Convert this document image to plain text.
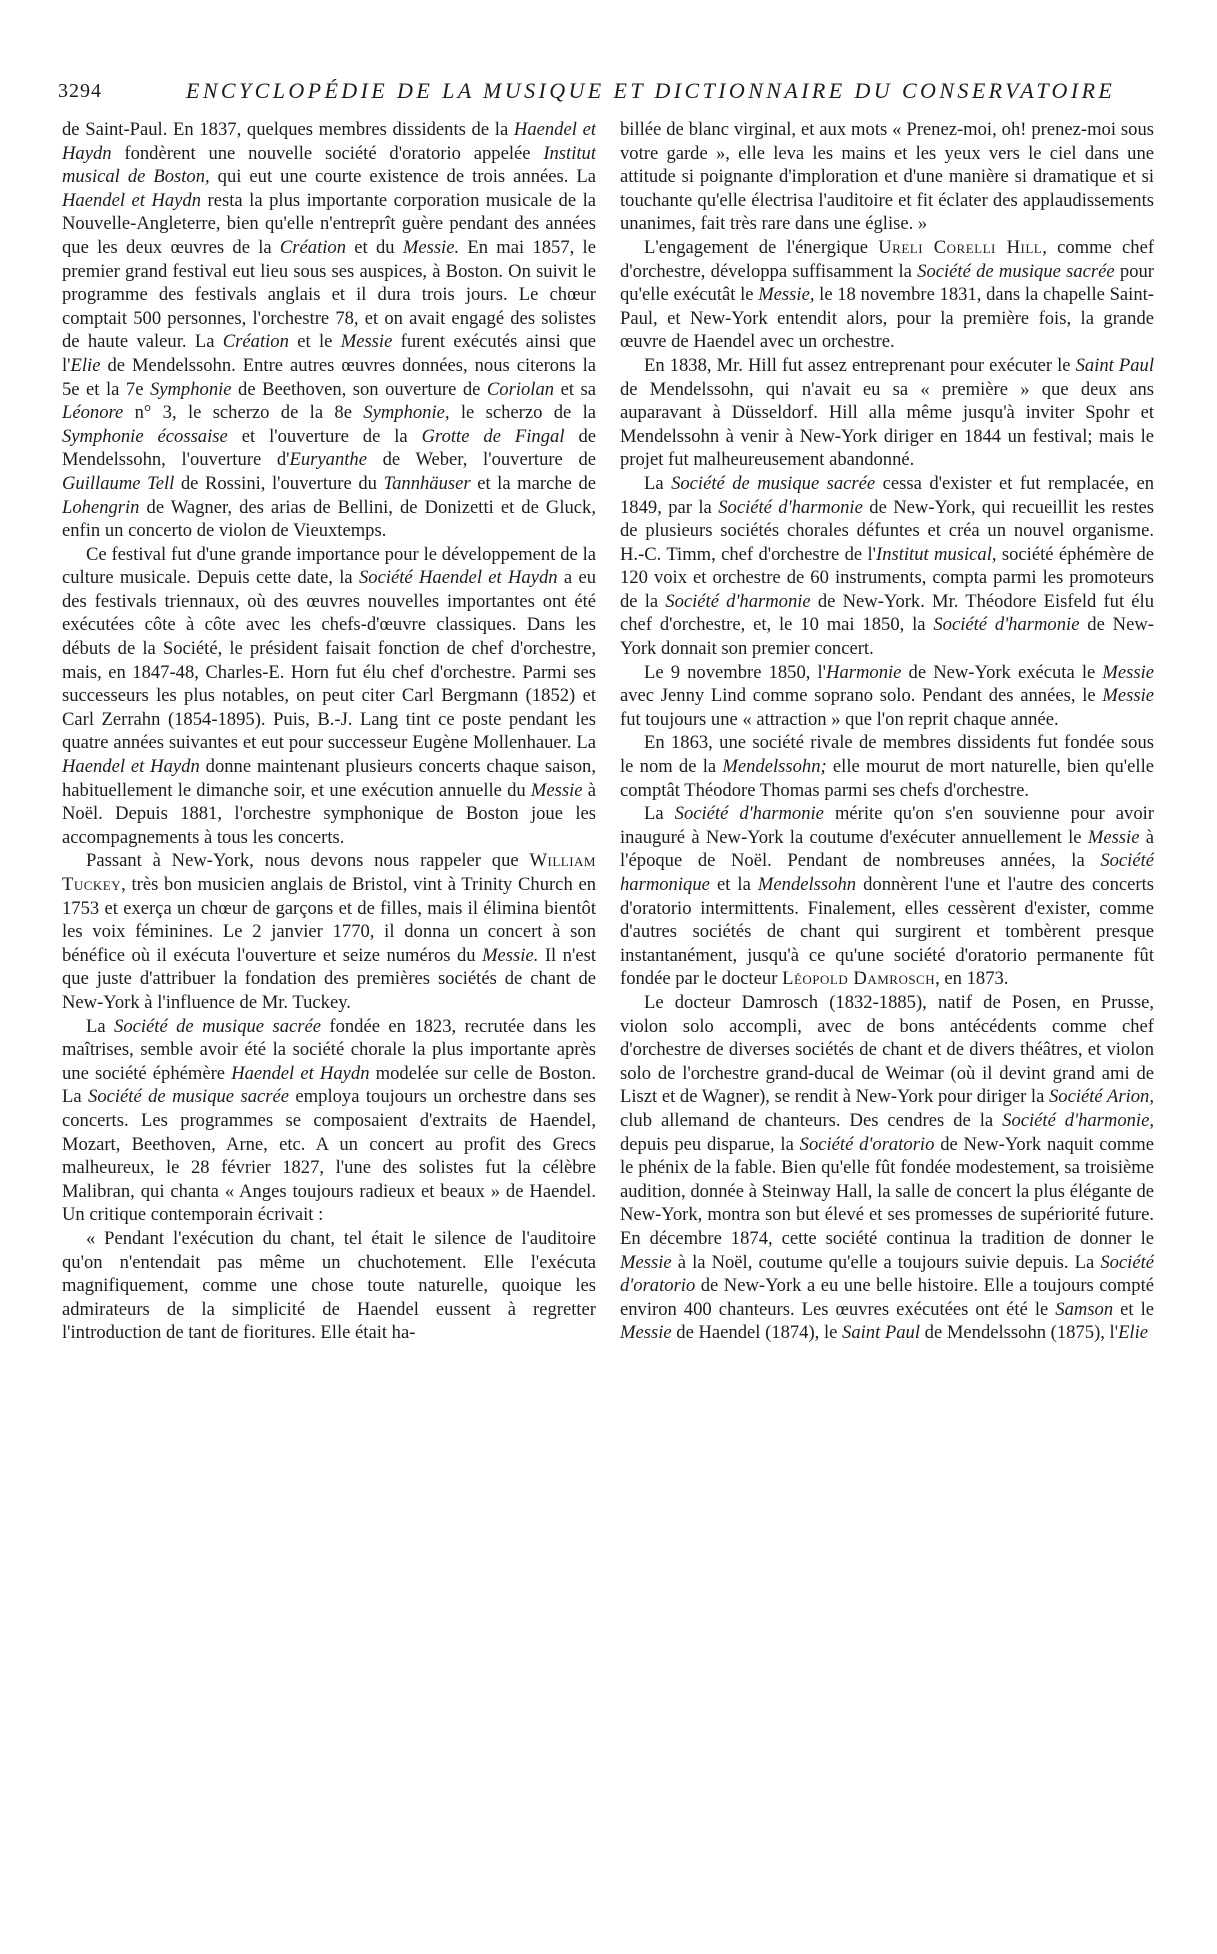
3294	ENCYCLOPÉDIE DE LA MUSIQUE ET DICTIONNAIRE DU CONSERVATOIRE

de Saint-Paul. En 1837, quelques membres dissidents de la Haendel et Haydn fondèrent une nouvelle société d'oratorio appelée Institut musical de Boston, qui eut une courte existence de trois années. La Haendel et Haydn resta la plus importante corporation musicale de la Nouvelle-Angleterre, bien qu'elle n'entreprît guère pendant des années que les deux œuvres de la Création et du Messie. En mai 1857, le premier grand festival eut lieu sous ses auspices, à Boston. On suivit le programme des festivals anglais et il dura trois jours. Le chœur comptait 500 personnes, l'orchestre 78, et on avait engagé des solistes de haute valeur. La Création et le Messie furent exécutés ainsi que l'Elie de Mendelssohn. Entre autres œuvres données, nous citerons la 5e et la 7e Symphonie de Beethoven, son ouverture de Coriolan et sa Léonore n° 3, le scherzo de la 8e Symphonie, le scherzo de la Symphonie écossaise et l'ouverture de la Grotte de Fingal de Mendelssohn, l'ouverture d'Euryanthe de Weber, l'ouverture de Guillaume Tell de Rossini, l'ouverture du Tannhäuser et la marche de Lohengrin de Wagner, des arias de Bellini, de Donizetti et de Gluck, enfin un concerto de violon de Vieuxtemps.

Ce festival fut d'une grande importance pour le développement de la culture musicale. Depuis cette date, la Société Haendel et Haydn a eu des festivals triennaux, où des œuvres nouvelles importantes ont été exécutées côte à côte avec les chefs-d'œuvre classiques. Dans les débuts de la Société, le président faisait fonction de chef d'orchestre, mais, en 1847-48, Charles-E. Horn fut élu chef d'orchestre. Parmi ses successeurs les plus notables, on peut citer Carl Bergmann (1852) et Carl Zerrahn (1854-1895). Puis, B.-J. Lang tint ce poste pendant les quatre années suivantes et eut pour successeur Eugène Mollenhauer. La Haendel et Haydn donne maintenant plusieurs concerts chaque saison, habituellement le dimanche soir, et une exécution annuelle du Messie à Noël. Depuis 1881, l'orchestre symphonique de Boston joue les accompagnements à tous les concerts.

Passant à New-York, nous devons nous rappeler que William Tuckey, très bon musicien anglais de Bristol, vint à Trinity Church en 1753 et exerça un chœur de garçons et de filles, mais il élimina bientôt les voix féminines. Le 2 janvier 1770, il donna un concert à son bénéfice où il exécuta l'ouverture et seize numéros du Messie. Il n'est que juste d'attribuer la fondation des premières sociétés de chant de New-York à l'influence de Mr. Tuckey.

La Société de musique sacrée fondée en 1823, recrutée dans les maîtrises, semble avoir été la société chorale la plus importante après une société éphémère Haendel et Haydn modelée sur celle de Boston. La Société de musique sacrée employa toujours un orchestre dans ses concerts. Les programmes se composaient d'extraits de Haendel, Mozart, Beethoven, Arne, etc. A un concert au profit des Grecs malheureux, le 28 février 1827, l'une des solistes fut la célèbre Malibran, qui chanta « Anges toujours radieux et beaux » de Haendel. Un critique contemporain écrivait :

« Pendant l'exécution du chant, tel était le silence de l'auditoire qu'on n'entendait pas même un chuchotement. Elle l'exécuta magnifiquement, comme une chose toute naturelle, quoique les admirateurs de la simplicité de Haendel eussent à regretter l'introduction de tant de fioritures. Elle était ha-

billée de blanc virginal, et aux mots « Prenez-moi, oh! prenez-moi sous votre garde », elle leva les mains et les yeux vers le ciel dans une attitude si poignante d'imploration et d'une manière si dramatique et si touchante qu'elle électrisa l'auditoire et fit éclater des applaudissements unanimes, fait très rare dans une église. »

L'engagement de l'énergique Ureli Corelli Hill, comme chef d'orchestre, développa suffisamment la Société de musique sacrée pour qu'elle exécutât le Messie, le 18 novembre 1831, dans la chapelle Saint-Paul, et New-York entendit alors, pour la première fois, la grande œuvre de Haendel avec un orchestre.

En 1838, Mr. Hill fut assez entreprenant pour exécuter le Saint Paul de Mendelssohn, qui n'avait eu sa « première » que deux ans auparavant à Düsseldorf. Hill alla même jusqu'à inviter Spohr et Mendelssohn à venir à New-York diriger en 1844 un festival; mais le projet fut malheureusement abandonné.

La Société de musique sacrée cessa d'exister et fut remplacée, en 1849, par la Société d'harmonie de New-York, qui recueillit les restes de plusieurs sociétés chorales défuntes et créa un nouvel organisme. H.-C. Timm, chef d'orchestre de l'Institut musical, société éphémère de 120 voix et orchestre de 60 instruments, compta parmi les promoteurs de la Société d'harmonie de New-York. Mr. Théodore Eisfeld fut élu chef d'orchestre, et, le 10 mai 1850, la Société d'harmonie de New-York donnait son premier concert.

Le 9 novembre 1850, l'Harmonie de New-York exécuta le Messie avec Jenny Lind comme soprano solo. Pendant des années, le Messie fut toujours une « attraction » que l'on reprit chaque année.

En 1863, une société rivale de membres dissidents fut fondée sous le nom de la Mendelssohn; elle mourut de mort naturelle, bien qu'elle comptât Théodore Thomas parmi ses chefs d'orchestre.

La Société d'harmonie mérite qu'on s'en souvienne pour avoir inauguré à New-York la coutume d'exécuter annuellement le Messie à l'époque de Noël. Pendant de nombreuses années, la Société harmonique et la Mendelssohn donnèrent l'une et l'autre des concerts d'oratorio intermittents. Finalement, elles cessèrent d'exister, comme d'autres sociétés de chant qui surgirent et tombèrent presque instantanément, jusqu'à ce qu'une société d'oratorio permanente fût fondée par le docteur Léopold Damrosch, en 1873.

Le docteur Damrosch (1832-1885), natif de Posen, en Prusse, violon solo accompli, avec de bons antécédents comme chef d'orchestre de diverses sociétés de chant et de divers théâtres, et violon solo de l'orchestre grand-ducal de Weimar (où il devint grand ami de Liszt et de Wagner), se rendit à New-York pour diriger la Société Arion, club allemand de chanteurs. Des cendres de la Société d'harmonie, depuis peu disparue, la Société d'oratorio de New-York naquit comme le phénix de la fable. Bien qu'elle fût fondée modestement, sa troisième audition, donnée à Steinway Hall, la salle de concert la plus élégante de New-York, montra son but élevé et ses promesses de supériorité future. En décembre 1874, cette société continua la tradition de donner le Messie à la Noël, coutume qu'elle a toujours suivie depuis. La Société d'oratorio de New-York a eu une belle histoire. Elle a toujours compté environ 400 chanteurs. Les œuvres exécutées ont été le Samson et le Messie de Haendel (1874), le Saint Paul de Mendelssohn (1875), l'Elie
